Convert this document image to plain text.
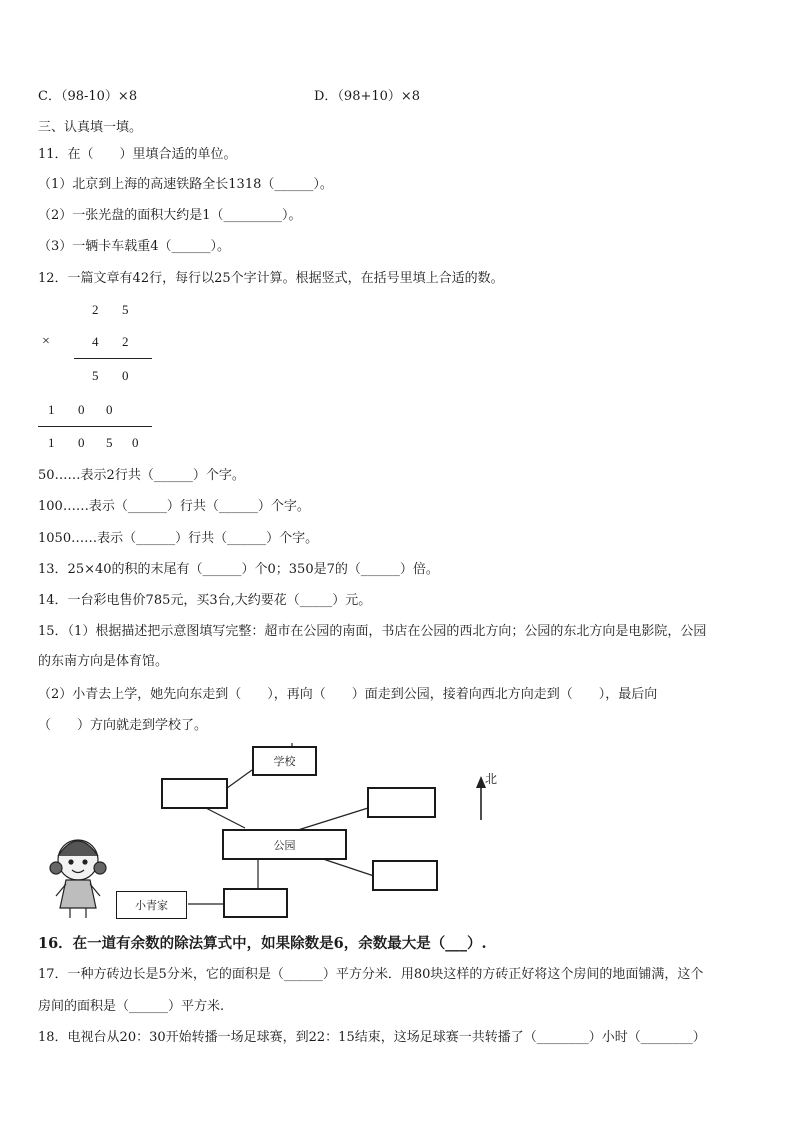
C．（98-10）×8	D．（98+10）×8
三、认真填一填。
11．在（　　）里填合适的单位。
（1）北京到上海的高速铁路全长1318（______）。
（2）一张光盘的面积大约是1（_________）。
（3）一辆卡车载重4（______）。
12．一篇文章有42行，每行以25个字计算。根据竖式，在括号里填上合适的数。
2 5
×	4 2
5 0
1 0 0
1 0 5 0
50……表示2行共（______）个字。
100……表示（______）行共（______）个字。
1050……表示（______）行共（______）个字。
13．25×40的积的末尾有（______）个0；350是7的（______）倍。
14．一台彩电售价785元，买3台,大约要花（_____）元。
15．（1）根据描述把示意图填写完整：超市在公园的南面，书店在公园的西北方向；公园的东北方向是电影院，公园
的东南方向是体育馆。
（2）小青去上学，她先向东走到（　　），再向（　　）面走到公园，接着向西北方向走到（　　），最后向
（　　）方向就走到学校了。
学校
公园
小青家
北
16．在一道有余数的除法算式中，如果除数是6，余数最大是（___）.
17．一种方砖边长是5分米，它的面积是（______）平方分米．用80块这样的方砖正好将这个房间的地面铺满，这个
房间的面积是（______）平方米.
18．电视台从20：30开始转播一场足球赛，到22：15结束，这场足球赛一共转播了（________）小时（________）
